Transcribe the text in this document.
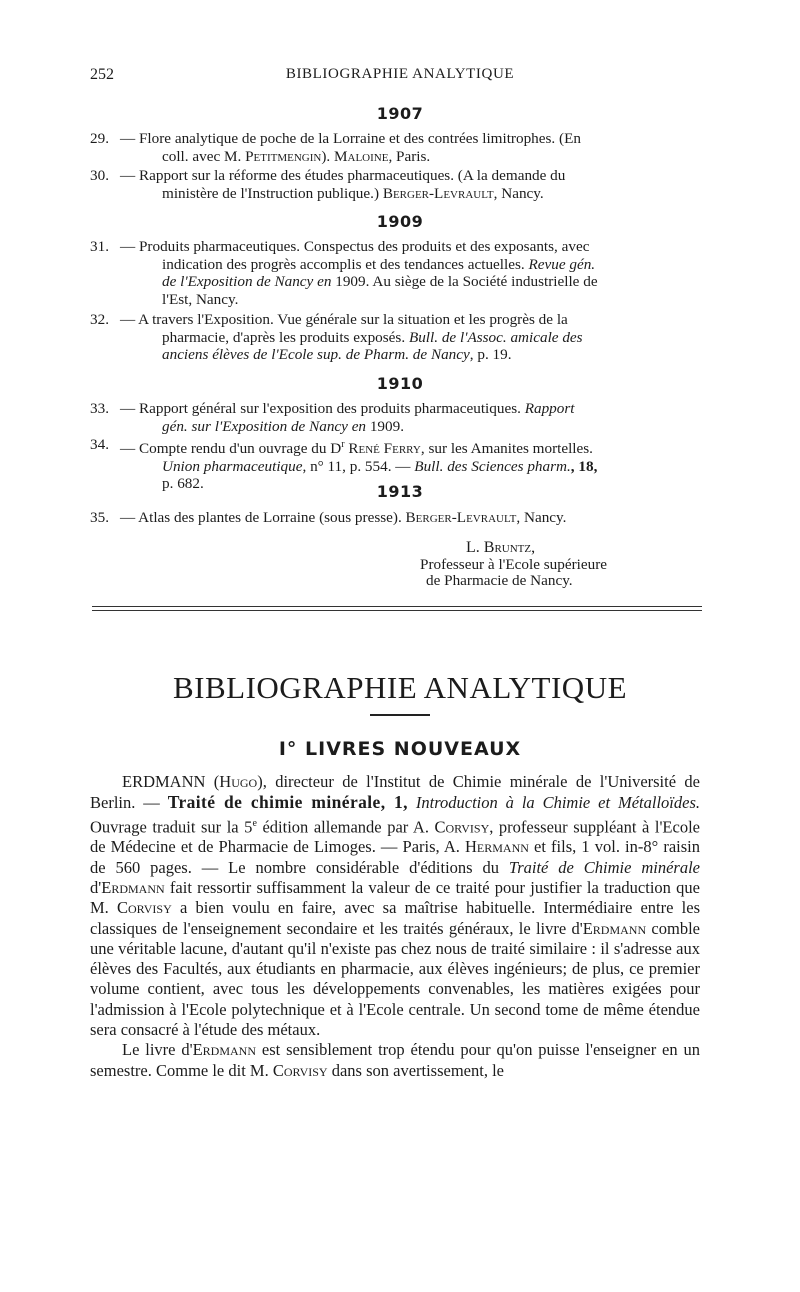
252	BIBLIOGRAPHIE ANALYTIQUE
1907
29. — Flore analytique de poche de la Lorraine et des contrées limitrophes. (En
coll. avec M. Petitmengin). Maloine, Paris.
30. — Rapport sur la réforme des études pharmaceutiques. (A la demande du
ministère de l'Instruction publique.) Berger-Levrault, Nancy.
1909
31. — Produits pharmaceutiques. Conspectus des produits et des exposants, avec
indication des progrès accomplis et des tendances actuelles. Revue gén.
de l'Exposition de Nancy en 1909. Au siège de la Société industrielle de
l'Est, Nancy.
32. — A travers l'Exposition. Vue générale sur la situation et les progrès de la
pharmacie, d'après les produits exposés. Bull. de l'Assoc. amicale des
anciens élèves de l'Ecole sup. de Pharm. de Nancy, p. 19.
1910
33. — Rapport général sur l'exposition des produits pharmaceutiques. Rapport
gén. sur l'Exposition de Nancy en 1909.
34. — Compte rendu d'un ouvrage du $D^r$ René Ferry, sur les Amanites mortelles.
Union pharmaceutique, n° 11, p. 554. — Bull. des Sciences pharm., 18,
p. 682.	1913
35. — Atlas des plantes de Lorraine (sous presse). Berger-Levrault, Nancy.
L. Bruntz,
Professeur à l'Ecole supérieure
de Pharmacie de Nancy.
BIBLIOGRAPHIE ANALYTIQUE
I° LIVRES NOUVEAUX

ERDMANN (Hugo), directeur de l'Institut de Chimie minérale de l'Université de Berlin. — Traité de chimie minérale, 1, Introduction à la Chimie et Métalloïdes. Ouvrage traduit sur la 5e édition allemande par A. Corvisy, professeur suppléant à l'Ecole de Médecine et de Pharmacie de Limoges. — Paris, A. Hermann et fils, 1 vol. in-8° raisin de 560 pages. — Le nombre considérable d'éditions du Traité de Chimie minérale d'Erdmann fait ressortir suffisamment la valeur de ce traité pour justifier la traduction que M. Corvisy a bien voulu en faire, avec sa maîtrise habituelle. Intermédiaire entre les classiques de l'enseignement secondaire et les traités généraux, le livre d'Erdmann comble une véritable lacune, d'autant qu'il n'existe pas chez nous de traité similaire : il s'adresse aux élèves des Facultés, aux étudiants en pharmacie, aux élèves ingénieurs; de plus, ce premier volume contient, avec tous les développements convenables, les matières exigées pour l'admission à l'Ecole polytechnique et à l'Ecole centrale. Un second tome de même étendue sera consacré à l'étude des métaux.

Le livre d'Erdmann est sensiblement trop étendu pour qu'on puisse l'enseigner en un semestre. Comme le dit M. Corvisy dans son avertissement, le
